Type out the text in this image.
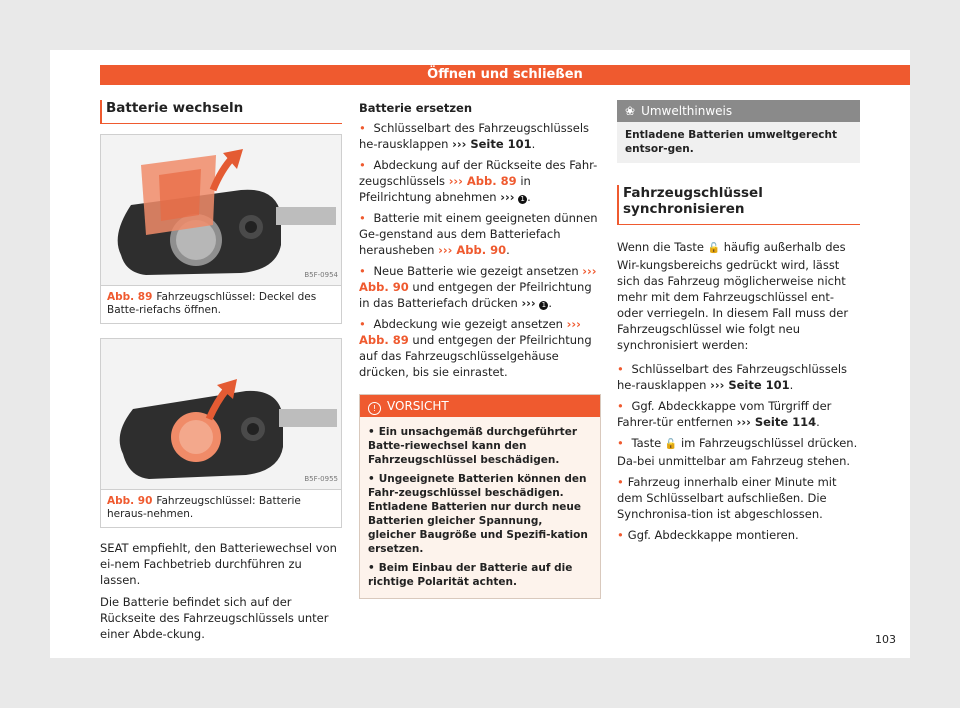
Öffnen und schließen
Batterie wechseln
B5F-0954
Abb. 89 Fahrzeugschlüssel: Deckel des Batte-riefachs öffnen.
B5F-0955
Abb. 90 Fahrzeugschlüssel: Batterie heraus-nehmen.

SEAT empfiehlt, den Batteriewechsel von ei-nem Fachbetrieb durchführen zu lassen.

Die Batterie befindet sich auf der Rückseite des Fahrzeugschlüssels unter einer Abde-ckung.

Batterie ersetzen

• Schlüsselbart des Fahrzeugschlüssels he-rausklappen ››› Seite 101.

• Abdeckung auf der Rückseite des Fahr-zeugschlüssels ››› Abb. 89 in Pfeilrichtung abnehmen ››› 1 .

• Batterie mit einem geeigneten dünnen Ge-genstand aus dem Batteriefach herausheben ››› Abb. 90.

• Neue Batterie wie gezeigt ansetzen ››› Abb. 90 und entgegen der Pfeilrichtung in das Batteriefach drücken ››› 1 .

• Abdeckung wie gezeigt ansetzen ››› Abb. 89 und entgegen der Pfeilrichtung auf das Fahrzeugschlüsselgehäuse drücken, bis sie einrastet.

! VORSICHT

• Ein unsachgemäß durchgeführter Batte-riewechsel kann den Fahrzeugschlüssel beschädigen.

• Ungeeignete Batterien können den Fahr-zeugschlüssel beschädigen. Entladene Batterien nur durch neue Batterien gleicher Spannung, gleicher Baugröße und Spezifi-kation ersetzen.

• Beim Einbau der Batterie auf die richtige Polarität achten.

❀ Umwelthinweis
Entladene Batterien umweltgerecht entsor-gen.
Fahrzeugschlüssel synchronisieren

Wenn die Taste 🔓 häufig außerhalb des Wir-kungsbereichs gedrückt wird, lässt sich das Fahrzeug möglicherweise nicht mehr mit dem Fahrzeugschlüssel ent- oder verriegeln. In diesem Fall muss der Fahrzeugschlüssel wie folgt neu synchronisiert werden:

• Schlüsselbart des Fahrzeugschlüssels he-rausklappen ››› Seite 101.

• Ggf. Abdeckkappe vom Türgriff der Fahrer-tür entfernen ››› Seite 114.

• Taste 🔓 im Fahrzeugschlüssel drücken. Da-bei unmittelbar am Fahrzeug stehen.

• Fahrzeug innerhalb einer Minute mit dem Schlüsselbart aufschließen. Die Synchronisa-tion ist abgeschlossen.

• Ggf. Abdeckkappe montieren.

103
